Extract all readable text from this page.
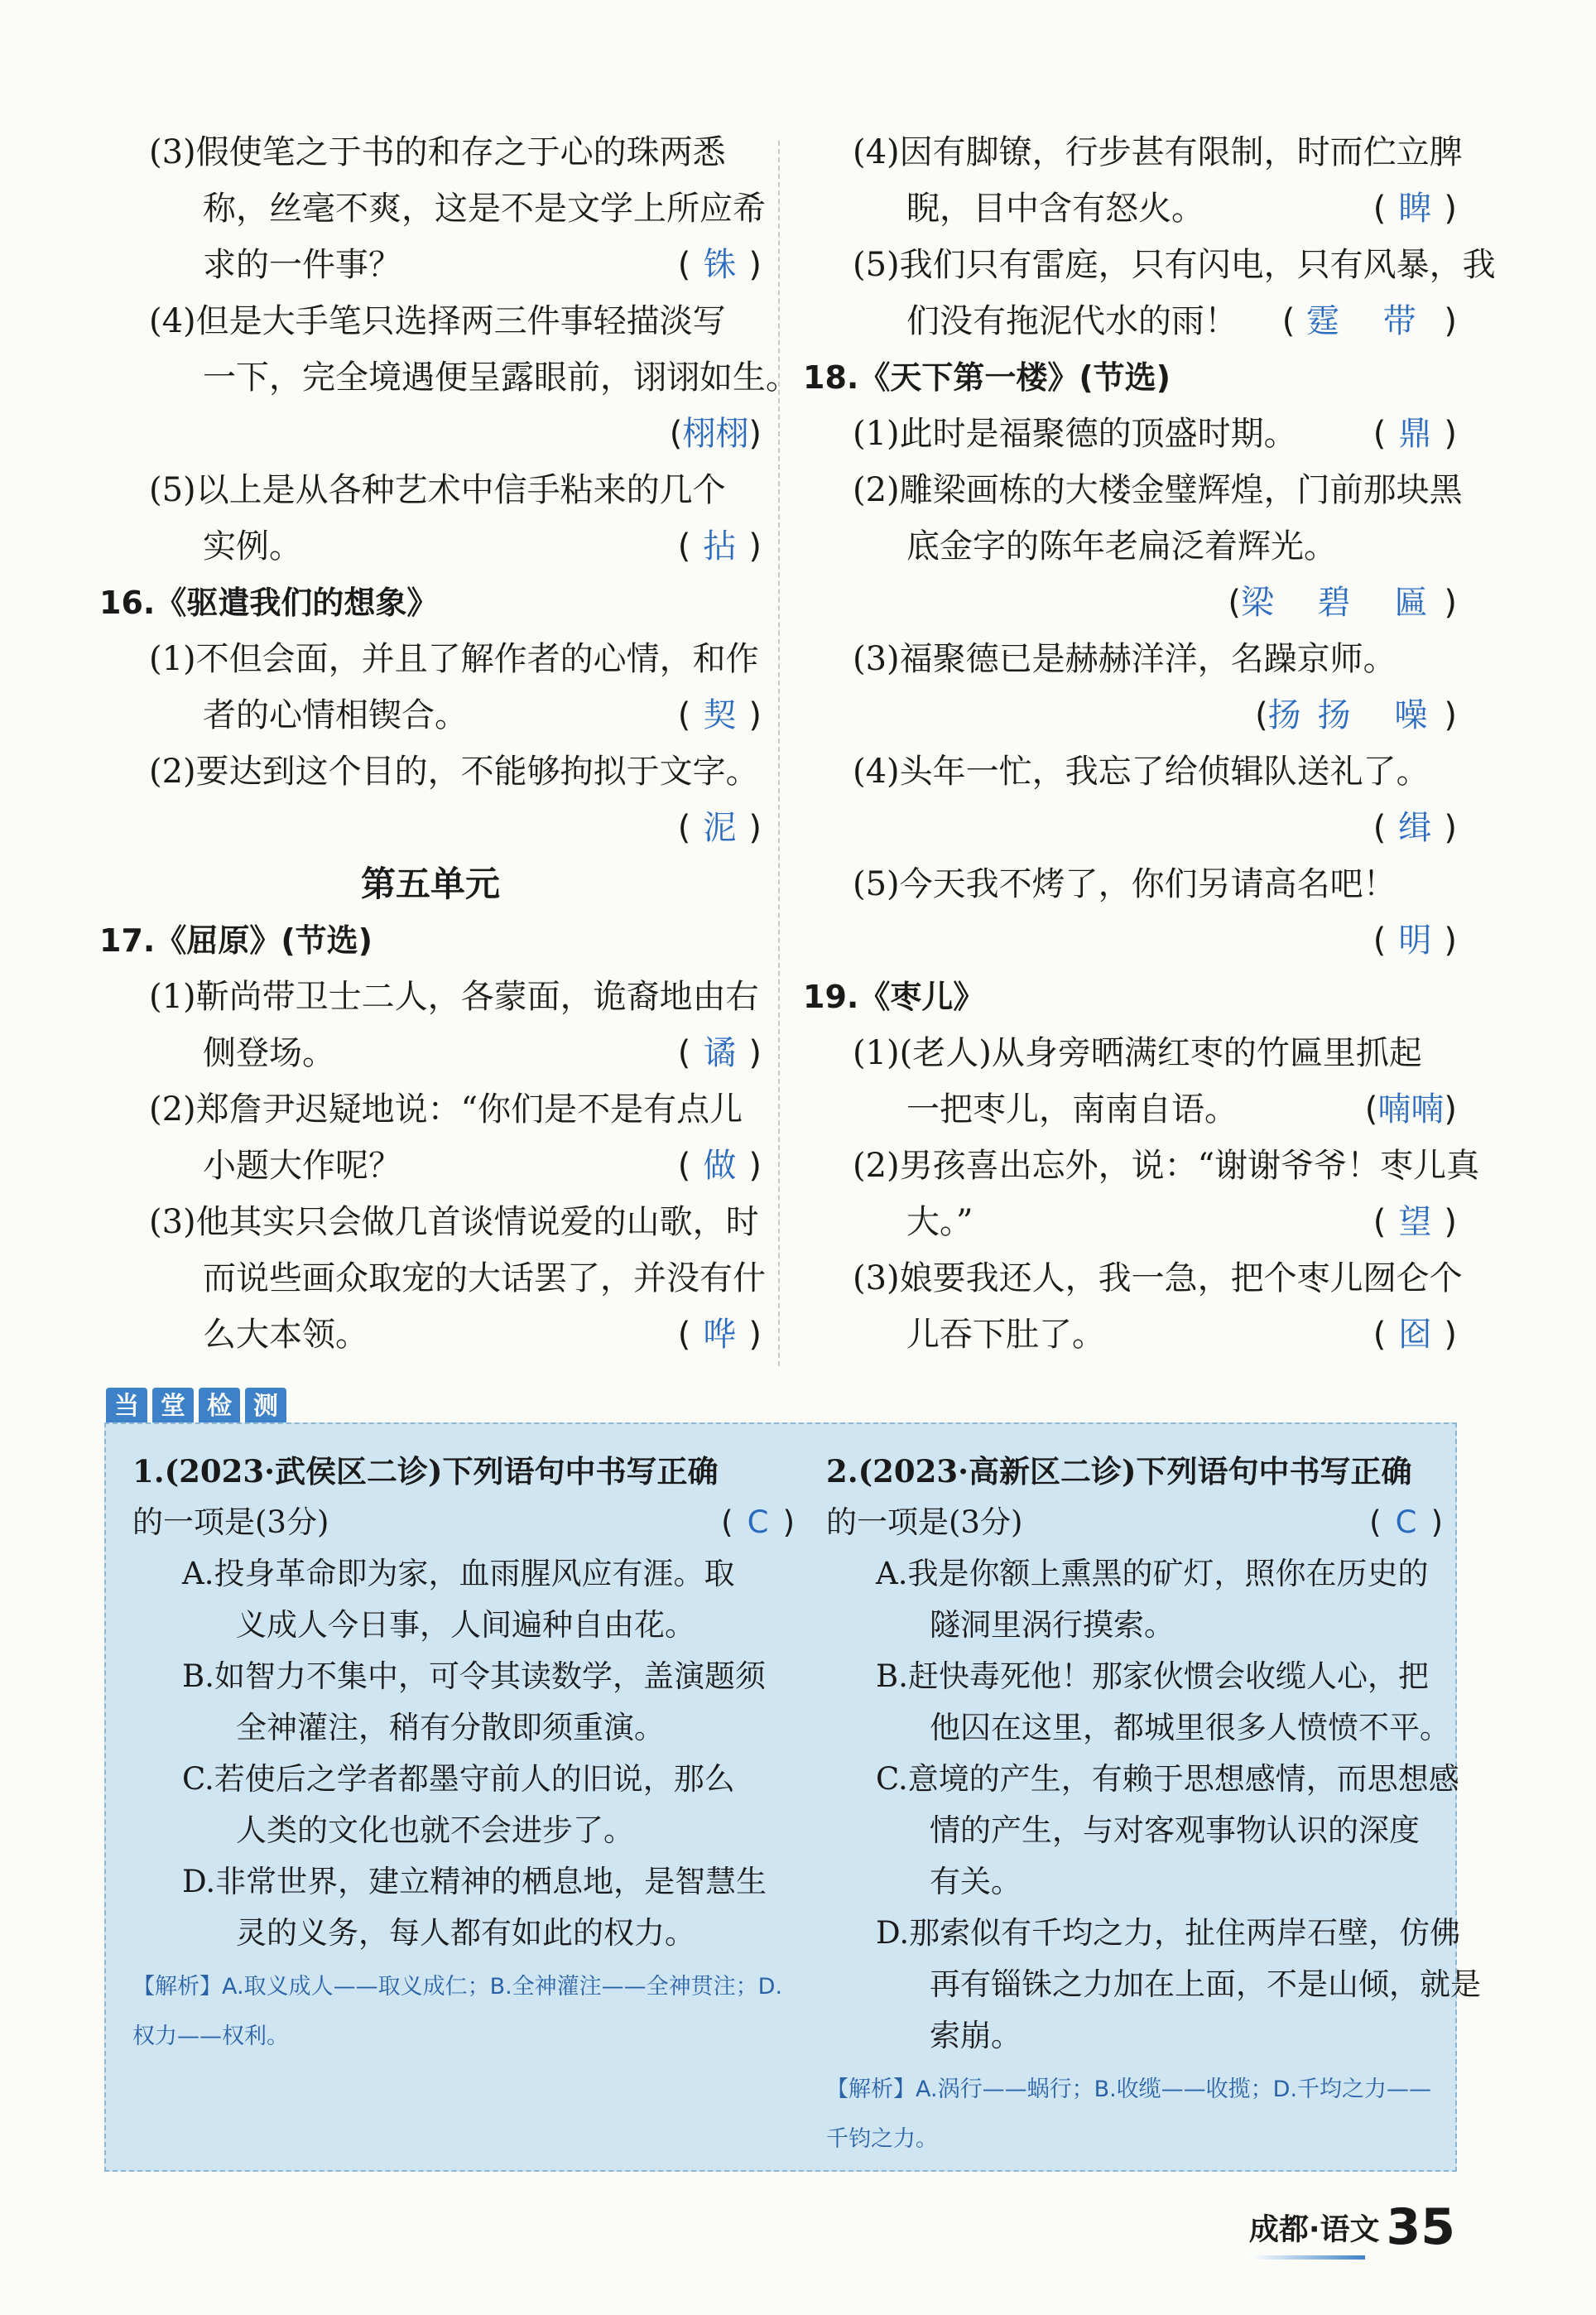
(3)假使笔之于书的和存之于心的珠两悉
称，丝毫不爽，这是不是文学上所应希
求的一件事？	( 铢 )
(4)但是大手笔只选择两三件事轻描淡写
一下，完全境遇便呈露眼前，诩诩如生。
(栩栩)
(5)以上是从各种艺术中信手粘来的几个
实例。	( 拈 )
16.《驱遣我们的想象》
(1)不但会面，并且了解作者的心情，和作
者的心情相锲合。	( 契 )
(2)要达到这个目的，不能够拘拟于文字。
( 泥 )
第五单元
17.《屈原》(节选)
(1)靳尚带卫士二人，各蒙面，诡裔地由右
侧登场。	( 谲 )
(2)郑詹尹迟疑地说：“你们是不是有点儿
小题大作呢？	( 做 )
(3)他其实只会做几首谈情说爱的山歌，时
而说些画众取宠的大话罢了，并没有什
么大本领。	( 哗 )
(4)因有脚镣，行步甚有限制，时而伫立脾
睨，目中含有怒火。	( 睥 )
(5)我们只有雷庭，只有闪电，只有风暴，我
们没有拖泥代水的雨！ ( 霆 带 )
18.《天下第一楼》(节选)
(1)此时是福聚德的顶盛时期。 ( 鼎 )
(2)雕梁画栋的大楼金璧辉煌，门前那块黑
底金字的陈年老扁泛着辉光。
(梁 碧 匾)
(3)福聚德已是赫赫洋洋，名躁京师。
(扬扬 噪)
(4)头年一忙，我忘了给侦辑队送礼了。
( 缉 )
(5)今天我不烤了，你们另请高名吧！
( 明 )
19.《枣儿》
(1)(老人)从身旁晒满红枣的竹匾里抓起
一把枣儿，南南自语。	(喃喃)
(2)男孩喜出忘外，说：“谢谢爷爷！枣儿真
大。”	( 望 )
(3)娘要我还人，我一急，把个枣儿囫仑个
儿吞下肚了。	( 囵 )
当 堂 检 测
1.(2023·武侯区二诊)下列语句中书写正确
的一项是(3分)	( C )
A.投身革命即为家，血雨腥风应有涯。取
义成人今日事，人间遍种自由花。
B.如智力不集中，可令其读数学，盖演题须
全神灌注，稍有分散即须重演。
C.若使后之学者都墨守前人的旧说，那么
人类的文化也就不会进步了。
D.非常世界，建立精神的栖息地，是智慧生
灵的义务，每人都有如此的权力。
【解析】A.取义成人——取义成仁；B.全神灌注——全神贯注；D.权力——权利。
2.(2023·高新区二诊)下列语句中书写正确
的一项是(3分)	( C )
A.我是你额上熏黑的矿灯，照你在历史的
隧洞里涡行摸索。
B.赶快毒死他！那家伙惯会收缆人心，把
他囚在这里，都城里很多人愤愤不平。
C.意境的产生，有赖于思想感情，而思想感
情的产生，与对客观事物认识的深度
有关。
D.那索似有千均之力，扯住两岸石壁，仿佛
再有锱铢之力加在上面，不是山倾，就是
索崩。
【解析】A.涡行——蜗行；B.收缆——收揽；D.千均之力——千钧之力。
成都·语文 35
